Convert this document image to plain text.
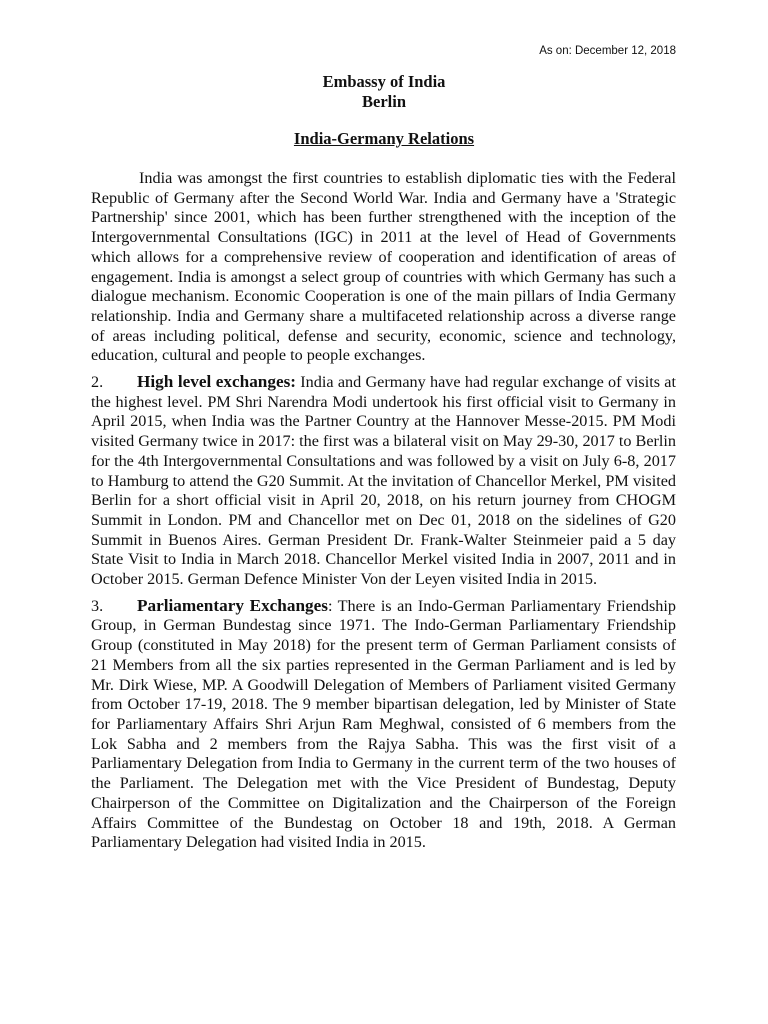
As on: December 12, 2018
Embassy of India
Berlin
India-Germany Relations

India was amongst the first countries to establish diplomatic ties with the Federal Republic of Germany after the Second World War. India and Germany have a 'Strategic Partnership' since 2001, which has been further strengthened with the inception of the Intergovernmental Consultations (IGC) in 2011 at the level of Head of Governments which allows for a comprehensive review of cooperation and identification of areas of engagement. India is amongst a select group of countries with which Germany has such a dialogue mechanism. Economic Cooperation is one of the main pillars of India Germany relationship. India and Germany share a multifaceted relationship across a diverse range of areas including political, defense and security, economic, science and technology, education, cultural and people to people exchanges.

2. High level exchanges: India and Germany have had regular exchange of visits at the highest level. PM Shri Narendra Modi undertook his first official visit to Germany in April 2015, when India was the Partner Country at the Hannover Messe-2015. PM Modi visited Germany twice in 2017: the first was a bilateral visit on May 29-30, 2017 to Berlin for the 4th Intergovernmental Consultations and was followed by a visit on July 6-8, 2017 to Hamburg to attend the G20 Summit. At the invitation of Chancellor Merkel, PM visited Berlin for a short official visit in April 20, 2018, on his return journey from CHOGM Summit in London. PM and Chancellor met on Dec 01, 2018 on the sidelines of G20 Summit in Buenos Aires. German President Dr. Frank-Walter Steinmeier paid a 5 day State Visit to India in March 2018. Chancellor Merkel visited India in 2007, 2011 and in October 2015. German Defence Minister Von der Leyen visited India in 2015.

3. Parliamentary Exchanges: There is an Indo-German Parliamentary Friendship Group, in German Bundestag since 1971. The Indo-German Parliamentary Friendship Group (constituted in May 2018) for the present term of German Parliament consists of 21 Members from all the six parties represented in the German Parliament and is led by Mr. Dirk Wiese, MP. A Goodwill Delegation of Members of Parliament visited Germany from October 17-19, 2018. The 9 member bipartisan delegation, led by Minister of State for Parliamentary Affairs Shri Arjun Ram Meghwal, consisted of 6 members from the Lok Sabha and 2 members from the Rajya Sabha. This was the first visit of a Parliamentary Delegation from India to Germany in the current term of the two houses of the Parliament. The Delegation met with the Vice President of Bundestag, Deputy Chairperson of the Committee on Digitalization and the Chairperson of the Foreign Affairs Committee of the Bundestag on October 18 and 19th, 2018. A German Parliamentary Delegation had visited India in 2015.
